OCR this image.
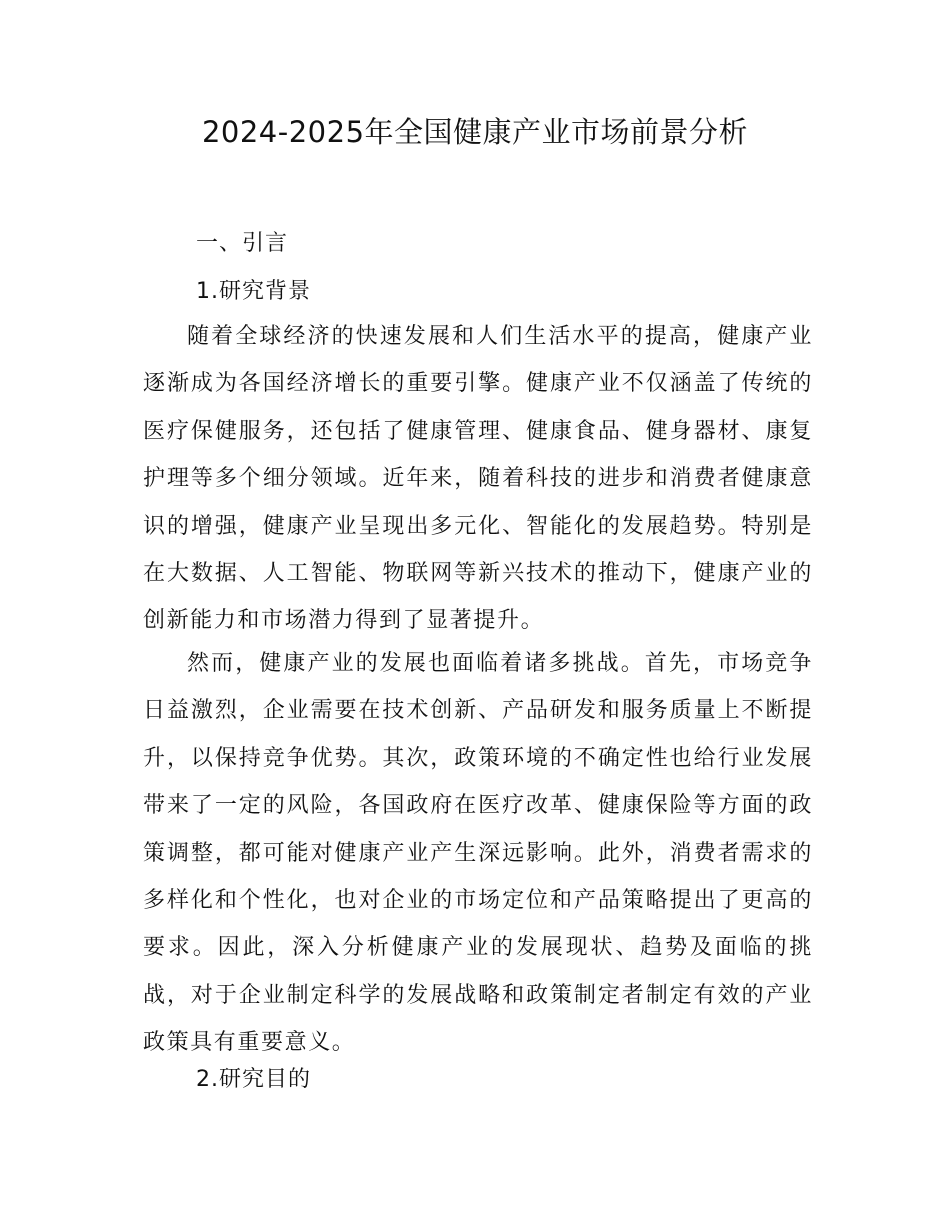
2024-2025年全国健康产业市场前景分析
一、引言
1.研究背景

随着全球经济的快速发展和人们生活水平的提高，健康产业逐渐成为各国经济增长的重要引擎。健康产业不仅涵盖了传统的医疗保健服务，还包括了健康管理、健康食品、健身器材、康复护理等多个细分领域。近年来，随着科技的进步和消费者健康意识的增强，健康产业呈现出多元化、智能化的发展趋势。特别是在大数据、人工智能、物联网等新兴技术的推动下，健康产业的创新能力和市场潜力得到了显著提升。

然而，健康产业的发展也面临着诸多挑战。首先，市场竞争日益激烈，企业需要在技术创新、产品研发和服务质量上不断提升，以保持竞争优势。其次，政策环境的不确定性也给行业发展带来了一定的风险，各国政府在医疗改革、健康保险等方面的政策调整，都可能对健康产业产生深远影响。此外，消费者需求的多样化和个性化，也对企业的市场定位和产品策略提出了更高的要求。因此，深入分析健康产业的发展现状、趋势及面临的挑战，对于企业制定科学的发展战略和政策制定者制定有效的产业政策具有重要意义。

2.研究目的
